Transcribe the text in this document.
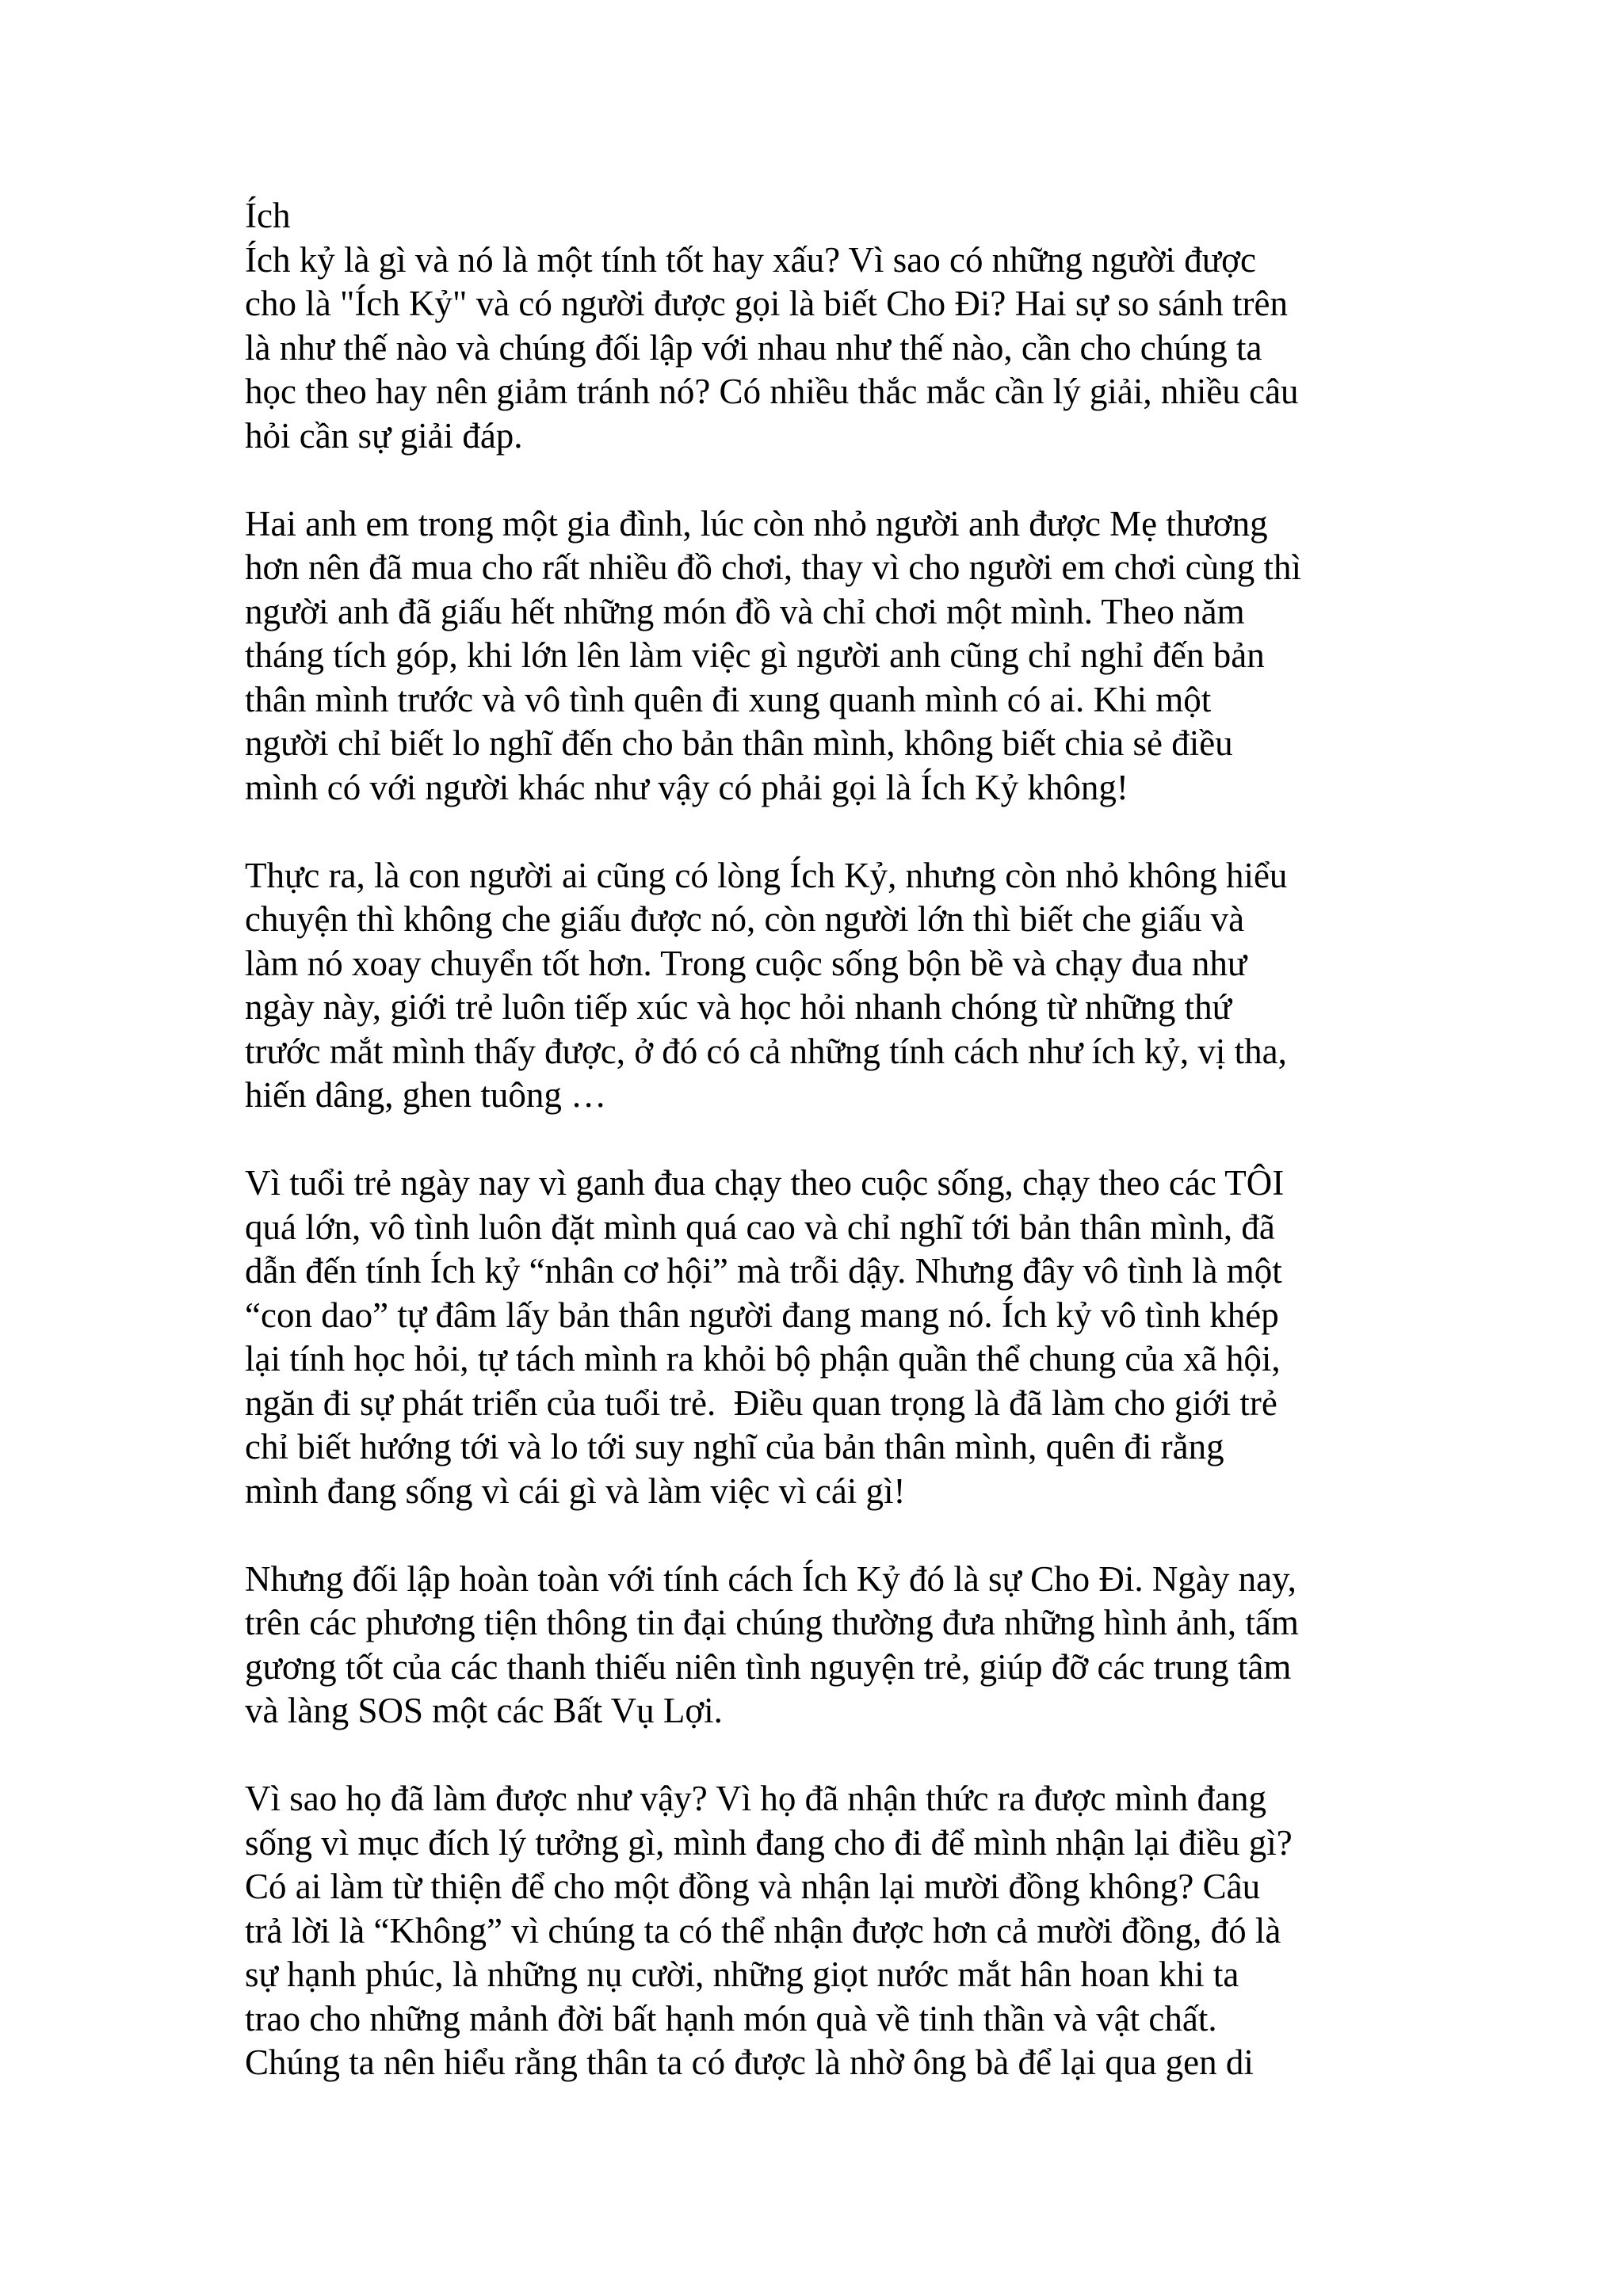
Ích
Ích kỷ là gì và nó là một tính tốt hay xấu? Vì sao có những người được
cho là "Ích Kỷ" và có người được gọi là biết Cho Đi? Hai sự so sánh trên
là như thế nào và chúng đối lập với nhau như thế nào, cần cho chúng ta
học theo hay nên giảm tránh nó? Có nhiều thắc mắc cần lý giải, nhiều câu
hỏi cần sự giải đáp.
Hai anh em trong một gia đình, lúc còn nhỏ người anh được Mẹ thương
hơn nên đã mua cho rất nhiều đồ chơi, thay vì cho người em chơi cùng thì
người anh đã giấu hết những món đồ và chỉ chơi một mình. Theo năm
tháng tích góp, khi lớn lên làm việc gì người anh cũng chỉ nghỉ đến bản
thân mình trước và vô tình quên đi xung quanh mình có ai. Khi một
người chỉ biết lo nghĩ đến cho bản thân mình, không biết chia sẻ điều
mình có với người khác như vậy có phải gọi là Ích Kỷ không!
Thực ra, là con người ai cũng có lòng Ích Kỷ, nhưng còn nhỏ không hiểu
chuyện thì không che giấu được nó, còn người lớn thì biết che giấu và
làm nó xoay chuyển tốt hơn. Trong cuộc sống bộn bề và chạy đua như
ngày này, giới trẻ luôn tiếp xúc và học hỏi nhanh chóng từ những thứ
trước mắt mình thấy được, ở đó có cả những tính cách như ích kỷ, vị tha,
hiến dâng, ghen tuông …
Vì tuổi trẻ ngày nay vì ganh đua chạy theo cuộc sống, chạy theo các TÔI
quá lớn, vô tình luôn đặt mình quá cao và chỉ nghĩ tới bản thân mình, đã
dẫn đến tính Ích kỷ “nhân cơ hội” mà trỗi dậy. Nhưng đây vô tình là một
“con dao” tự đâm lấy bản thân người đang mang nó. Ích kỷ vô tình khép
lại tính học hỏi, tự tách mình ra khỏi bộ phận quần thể chung của xã hội,
ngăn đi sự phát triển của tuổi trẻ.  Điều quan trọng là đã làm cho giới trẻ
chỉ biết hướng tới và lo tới suy nghĩ của bản thân mình, quên đi rằng
mình đang sống vì cái gì và làm việc vì cái gì!
Nhưng đối lập hoàn toàn với tính cách Ích Kỷ đó là sự Cho Đi. Ngày nay,
trên các phương tiện thông tin đại chúng thường đưa những hình ảnh, tấm
gương tốt của các thanh thiếu niên tình nguyện trẻ, giúp đỡ các trung tâm
và làng SOS một các Bất Vụ Lợi.
Vì sao họ đã làm được như vậy? Vì họ đã nhận thức ra được mình đang
sống vì mục đích lý tưởng gì, mình đang cho đi để mình nhận lại điều gì?
Có ai làm từ thiện để cho một đồng và nhận lại mười đồng không? Câu
trả lời là “Không” vì chúng ta có thể nhận được hơn cả mười đồng, đó là
sự hạnh phúc, là những nụ cười, những giọt nước mắt hân hoan khi ta
trao cho những mảnh đời bất hạnh món quà về tinh thần và vật chất.
Chúng ta nên hiểu rằng thân ta có được là nhờ ông bà để lại qua gen di
